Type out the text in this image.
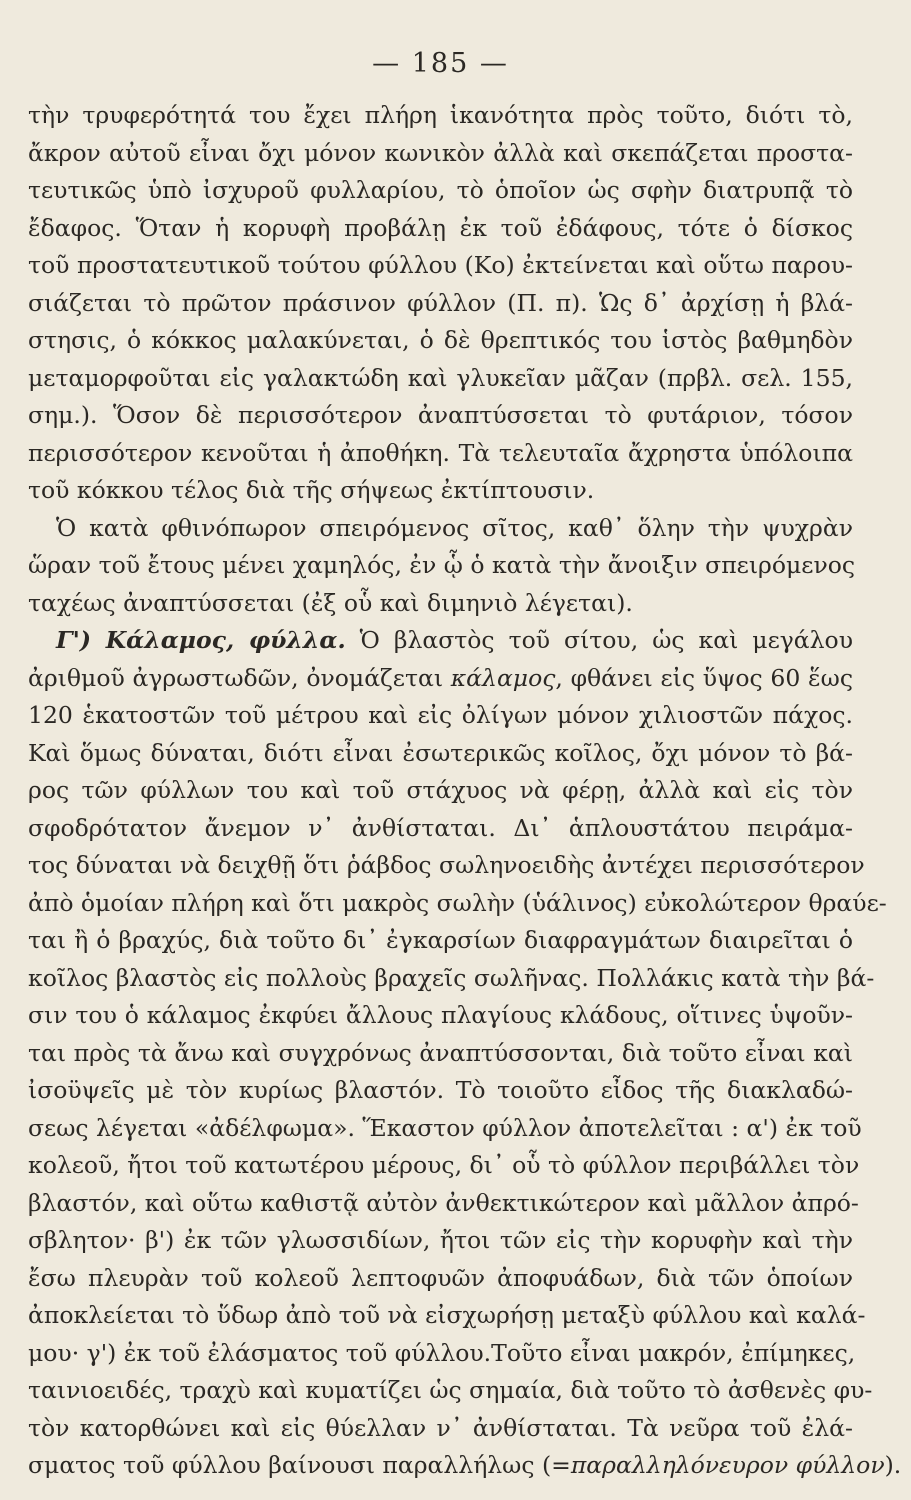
— 185 —
τὴν τρυφερότητά του ἔχει πλήρη ἱκανότητα πρὸς τοῦτο, διότι τὸ,
ἄκρον αὐτοῦ εἶναι ὄχι μόνον κωνικὸν ἀλλὰ καὶ σκεπάζεται προστα-
τευτικῶς ὑπὸ ἰσχυροῦ φυλλαρίου, τὸ ὁποῖον ὡς σφὴν διατρυπᾷ τὸ
ἔδαφος. Ὅταν ἡ κορυφὴ προβάλῃ ἐκ τοῦ ἐδάφους, τότε ὁ δίσκος
τοῦ προστατευτικοῦ τούτου φύλλου (Κο) ἐκτείνεται καὶ οὕτω παρου-
σιάζεται τὸ πρῶτον πράσινον φύλλον (Π. π). Ὡς δ᾽ ἀρχίσῃ ἡ βλά-
στησις, ὁ κόκκος μαλακύνεται, ὁ δὲ θρεπτικός του ἱστὸς βαθμηδὸν
μεταμορφοῦται εἰς γαλακτώδη καὶ γλυκεῖαν μᾶζαν (πρβλ. σελ. 155,
σημ.). Ὅσον δὲ περισσότερον ἀναπτύσσεται τὸ φυτάριον, τόσον
περισσότερον κενοῦται ἡ ἀποθήκη. Τὰ τελευταῖα ἄχρηστα ὑπόλοιπα
τοῦ κόκκου τέλος διὰ τῆς σήψεως ἐκτίπτουσιν.
Ὁ κατὰ φθινόπωρον σπειρόμενος σῖτος, καθ᾽ ὅλην τὴν ψυχρὰν
ὥραν τοῦ ἔτους μένει χαμηλός, ἐν ᾧ ὁ κατὰ τὴν ἄνοιξιν σπειρόμενος
ταχέως ἀναπτύσσεται (ἐξ οὗ καὶ διμηνιὸ λέγεται).
Γ') Κάλαμος, φύλλα. Ὁ βλαστὸς τοῦ σίτου, ὡς καὶ μεγάλου
ἀριθμοῦ ἀγρωστωδῶν, ὀνομάζεται κάλαμος, φθάνει εἰς ὕψος 60 ἕως
120 ἑκατοστῶν τοῦ μέτρου καὶ εἰς ὀλίγων μόνον χιλιοστῶν πάχος.
Καὶ ὅμως δύναται, διότι εἶναι ἐσωτερικῶς κοῖλος, ὄχι μόνον τὸ βά-
ρος τῶν φύλλων του καὶ τοῦ στάχυος νὰ φέρῃ, ἀλλὰ καὶ εἰς τὸν
σφοδρότατον ἄνεμον ν᾽ ἀνθίσταται. Δι᾽ ἁπλουστάτου πειράμα-
τος δύναται νὰ δειχθῇ ὅτι ῥάβδος σωληνοειδὴς ἀντέχει περισσότερον
ἀπὸ ὁμοίαν πλήρη καὶ ὅτι μακρὸς σωλὴν (ὑάλινος) εὐκολώτερον θραύε-
ται ἢ ὁ βραχύς, διὰ τοῦτο δι᾽ ἐγκαρσίων διαφραγμάτων διαιρεῖται ὁ
κοῖλος βλαστὸς εἰς πολλοὺς βραχεῖς σωλῆνας. Πολλάκις κατὰ τὴν βά-
σιν του ὁ κάλαμος ἐκφύει ἄλλους πλαγίους κλάδους, οἵτινες ὑψοῦν-
ται πρὸς τὰ ἄνω καὶ συγχρόνως ἀναπτύσσονται, διὰ τοῦτο εἶναι καὶ
ἰσοϋψεῖς μὲ τὸν κυρίως βλαστόν. Τὸ τοιοῦτο εἶδος τῆς διακλαδώ-
σεως λέγεται «ἀδέλφωμα». Ἕκαστον φύλλον ἀποτελεῖται : α') ἐκ τοῦ
κολεοῦ, ἤτοι τοῦ κατωτέρου μέρους, δι᾽ οὗ τὸ φύλλον περιβάλλει τὸν
βλαστόν, καὶ οὕτω καθιστᾷ αὐτὸν ἀνθεκτικώτερον καὶ μᾶλλον ἀπρό-
σβλητον· β') ἐκ τῶν γλωσσιδίων, ἤτοι τῶν εἰς τὴν κορυφὴν καὶ τὴν
ἔσω πλευρὰν τοῦ κολεοῦ λεπτοφυῶν ἀποφυάδων, διὰ τῶν ὁποίων
ἀποκλείεται τὸ ὕδωρ ἀπὸ τοῦ νὰ εἰσχωρήσῃ μεταξὺ φύλλου καὶ καλά-
μου· γ') ἐκ τοῦ ἐλάσματος τοῦ φύλλου.Τοῦτο εἶναι μακρόν, ἐπίμηκες,
ταινιοειδές, τραχὺ καὶ κυματίζει ὡς σημαία, διὰ τοῦτο τὸ ἀσθενὲς φυ-
τὸν κατορθώνει καὶ εἰς θύελλαν ν᾽ ἀνθίσταται. Τὰ νεῦρα τοῦ ἐλά-
σματος τοῦ φύλλου βαίνουσι παραλλήλως (=παραλληλόνευρον φύλλον).
